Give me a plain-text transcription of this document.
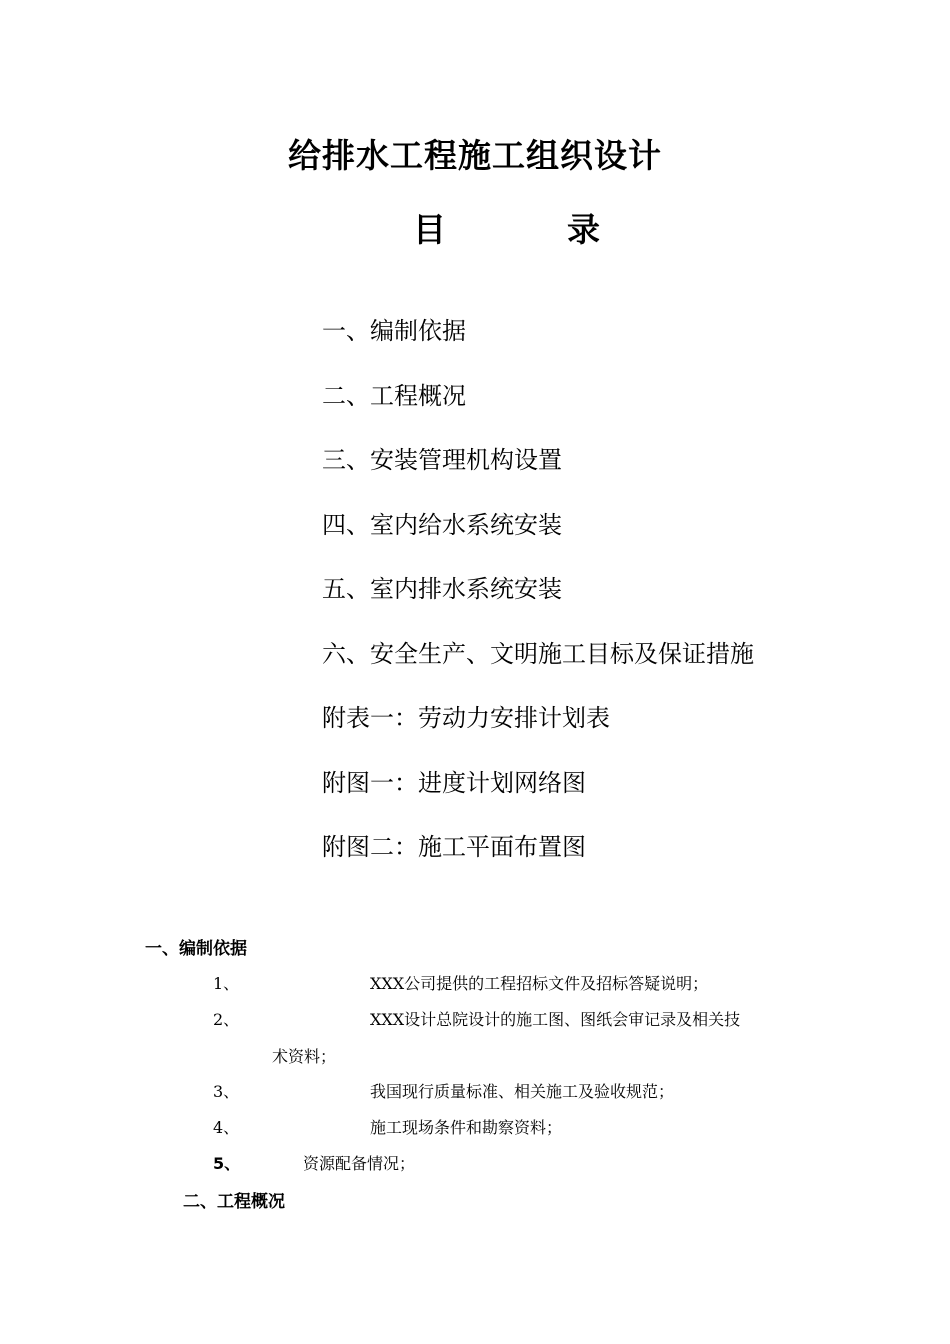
给排水工程施工组织设计
目	录
一、编制依据
二、工程概况
三、安装管理机构设置
四、室内给水系统安装
五、室内排水系统安装
六、安全生产、文明施工目标及保证措施
附表一：劳动力安排计划表
附图一：进度计划网络图
附图二：施工平面布置图
一、编制依据
1、	XXX公司提供的工程招标文件及招标答疑说明；
2、	XXX设计总院设计的施工图、图纸会审记录及相关技
术资料；
3、	我国现行质量标准、相关施工及验收规范；
4、	施工现场条件和勘察资料；
5、	资源配备情况；
二、工程概况
